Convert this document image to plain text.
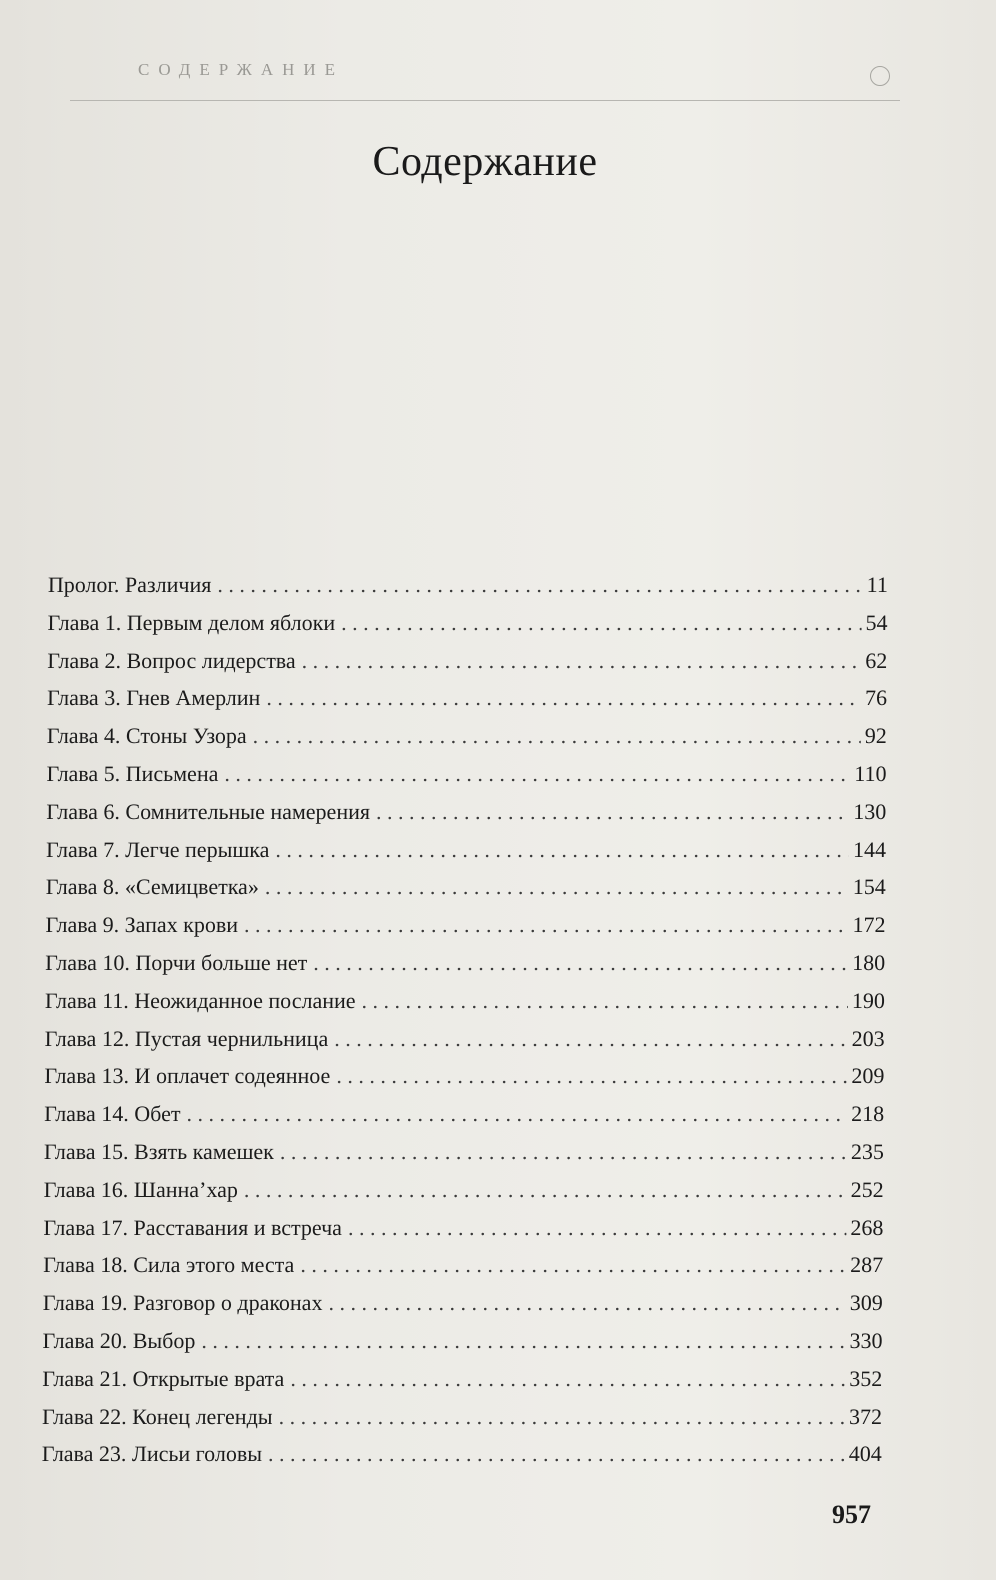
СОДЕРЖАНИЕ
Содержание
Пролог. Различия . . .	11
Глава 1. Первым делом яблоки . . .	54
Глава 2. Вопрос лидерства . . .	62
Глава 3. Гнев Амерлин . . .	76
Глава 4. Стоны Узора . . .	92
Глава 5. Письмена . . .	110
Глава 6. Сомнительные намерения . . .	130
Глава 7. Легче перышка . . .	144
Глава 8. «Семицветка» . . .	154
Глава 9. Запах крови . . .	172
Глава 10. Порчи больше нет . . .	180
Глава 11. Неожиданное послание . . .	190
Глава 12. Пустая чернильница . . .	203
Глава 13. И оплачет содеянное . . .	209
Глава 14. Обет . . .	218
Глава 15. Взять камешек . . .	235
Глава 16. Шанна’хар . . .	252
Глава 17. Расставания и встреча . . .	268
Глава 18. Сила этого места . . .	287
Глава 19. Разговор о драконах . . .	309
Глава 20. Выбор . . .	330
Глава 21. Открытые врата . . .	352
Глава 22. Конец легенды . . .	372
Глава 23. Лисьи головы . . .	404
957
